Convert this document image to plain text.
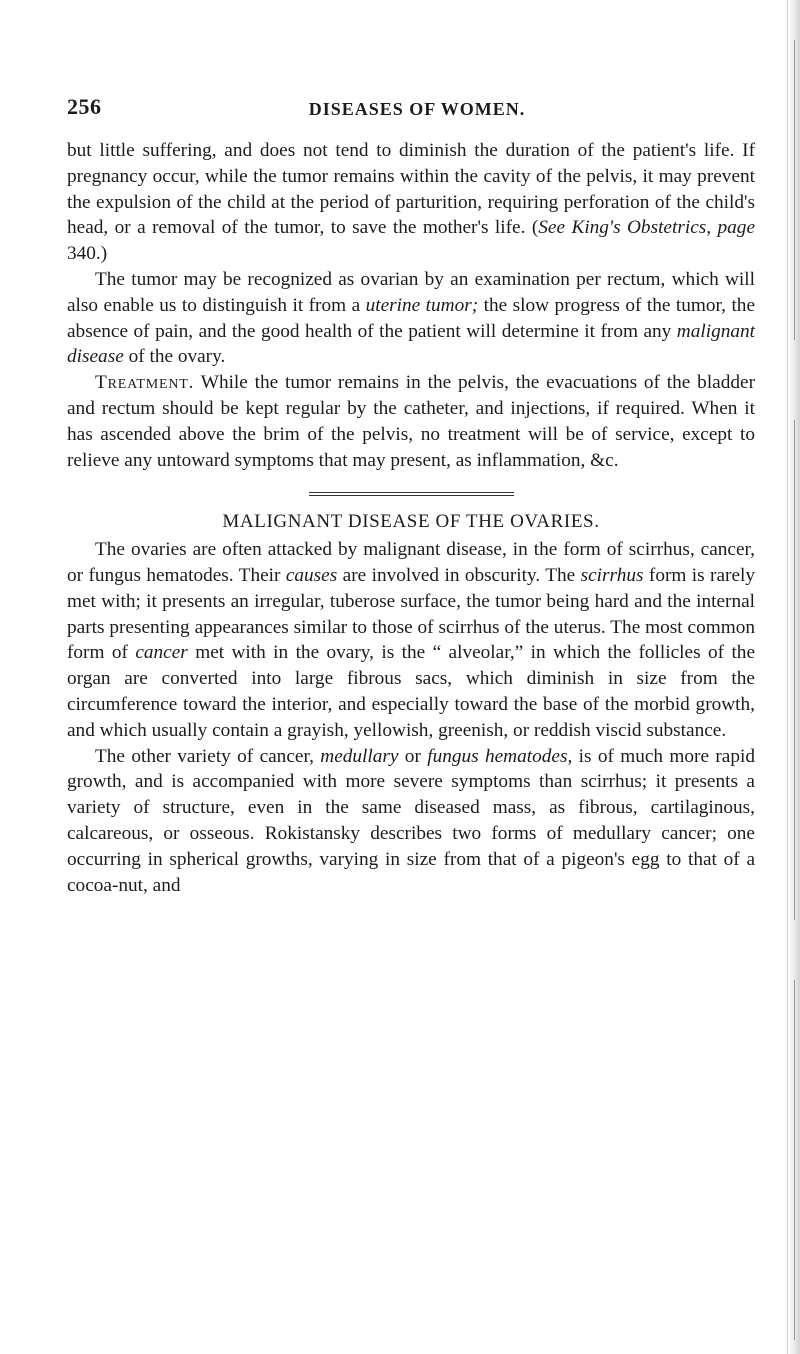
256	DISEASES OF WOMEN.

but little suffering, and does not tend to diminish the duration of the patient's life. If pregnancy occur, while the tumor remains within the cavity of the pelvis, it may prevent the expulsion of the child at the period of parturition, requiring perforation of the child's head, or a removal of the tumor, to save the mother's life. (See King's Obstetrics, page 340.)

The tumor may be recognized as ovarian by an examination per rectum, which will also enable us to distinguish it from a uterine tumor; the slow progress of the tumor, the absence of pain, and the good health of the patient will determine it from any malignant disease of the ovary.

Treatment. While the tumor remains in the pelvis, the evacuations of the bladder and rectum should be kept regular by the catheter, and injections, if required. When it has ascended above the brim of the pelvis, no treatment will be of service, except to relieve any untoward symptoms that may present, as inflammation, &c.

MALIGNANT DISEASE OF THE OVARIES.

The ovaries are often attacked by malignant disease, in the form of scirrhus, cancer, or fungus hematodes. Their causes are involved in obscurity. The scirrhus form is rarely met with; it presents an irregular, tuberose surface, the tumor being hard and the internal parts presenting appearances similar to those of scirrhus of the uterus. The most common form of cancer met with in the ovary, is the “ alveolar,” in which the follicles of the organ are converted into large fibrous sacs, which diminish in size from the circumference toward the interior, and especially toward the base of the morbid growth, and which usually contain a grayish, yellowish, greenish, or reddish viscid substance.

The other variety of cancer, medullary or fungus hematodes, is of much more rapid growth, and is accompanied with more severe symptoms than scirrhus; it presents a variety of structure, even in the same diseased mass, as fibrous, cartilaginous, calcareous, or osseous. Rokistansky describes two forms of medullary cancer; one occurring in spherical growths, varying in size from that of a pigeon's egg to that of a cocoa-nut, and
